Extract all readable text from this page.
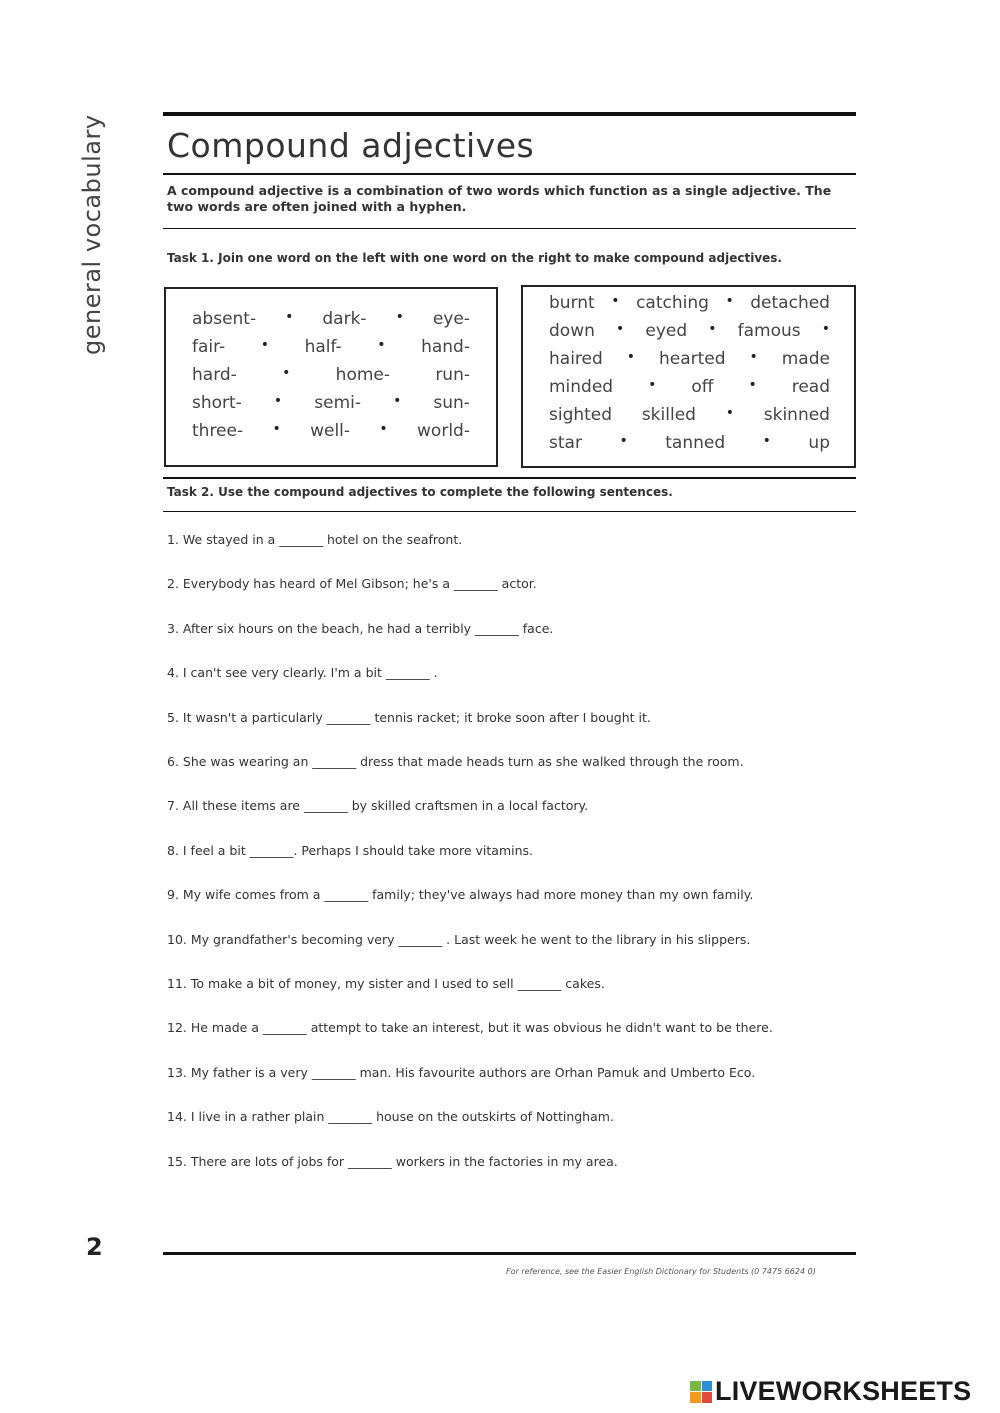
general vocabulary Compound adjectives
A compound adjective is a combination of two words which function as a single adjective. The two words are often joined with a hyphen.
Task 1. Join one word on the left with one word on the right to make compound adjectives.
absent- • dark- • eye-
fair-	• half-	• hand-
hard-	•	home-	run-
short- • semi- • sun-
three- • well- • world-
burnt • catching • detached
down • eyed • famous •
haired • hearted • made
minded • off • read
sighted skilled • skinned
star	• tanned	• up
Task 2. Use the compound adjectives to complete the following sentences.
1. We stayed in a _______ hotel on the seafront.
2. Everybody has heard of Mel Gibson; he's a _______ actor.
3. After six hours on the beach, he had a terribly _______ face.
4. I can't see very clearly. I'm a bit _______ .
5. It wasn't a particularly _______ tennis racket; it broke soon after I bought it.
6. She was wearing an _______ dress that made heads turn as she walked through the room.
7. All these items are _______ by skilled craftsmen in a local factory.
8. I feel a bit _______. Perhaps I should take more vitamins.
9. My wife comes from a _______ family; they've always had more money than my own family.
10. My grandfather's becoming very _______ . Last week he went to the library in his slippers.
11. To make a bit of money, my sister and I used to sell _______ cakes.
12. He made a _______ attempt to take an interest, but it was obvious he didn't want to be there.
13. My father is a very _______ man. His favourite authors are Orhan Pamuk and Umberto Eco.
14. I live in a rather plain _______ house on the outskirts of Nottingham.
15. There are lots of jobs for _______ workers in the factories in my area.
2
For reference, see the Easier English Dictionary for Students (0 7475 6624 0)
LIVEWORKSHEETS
